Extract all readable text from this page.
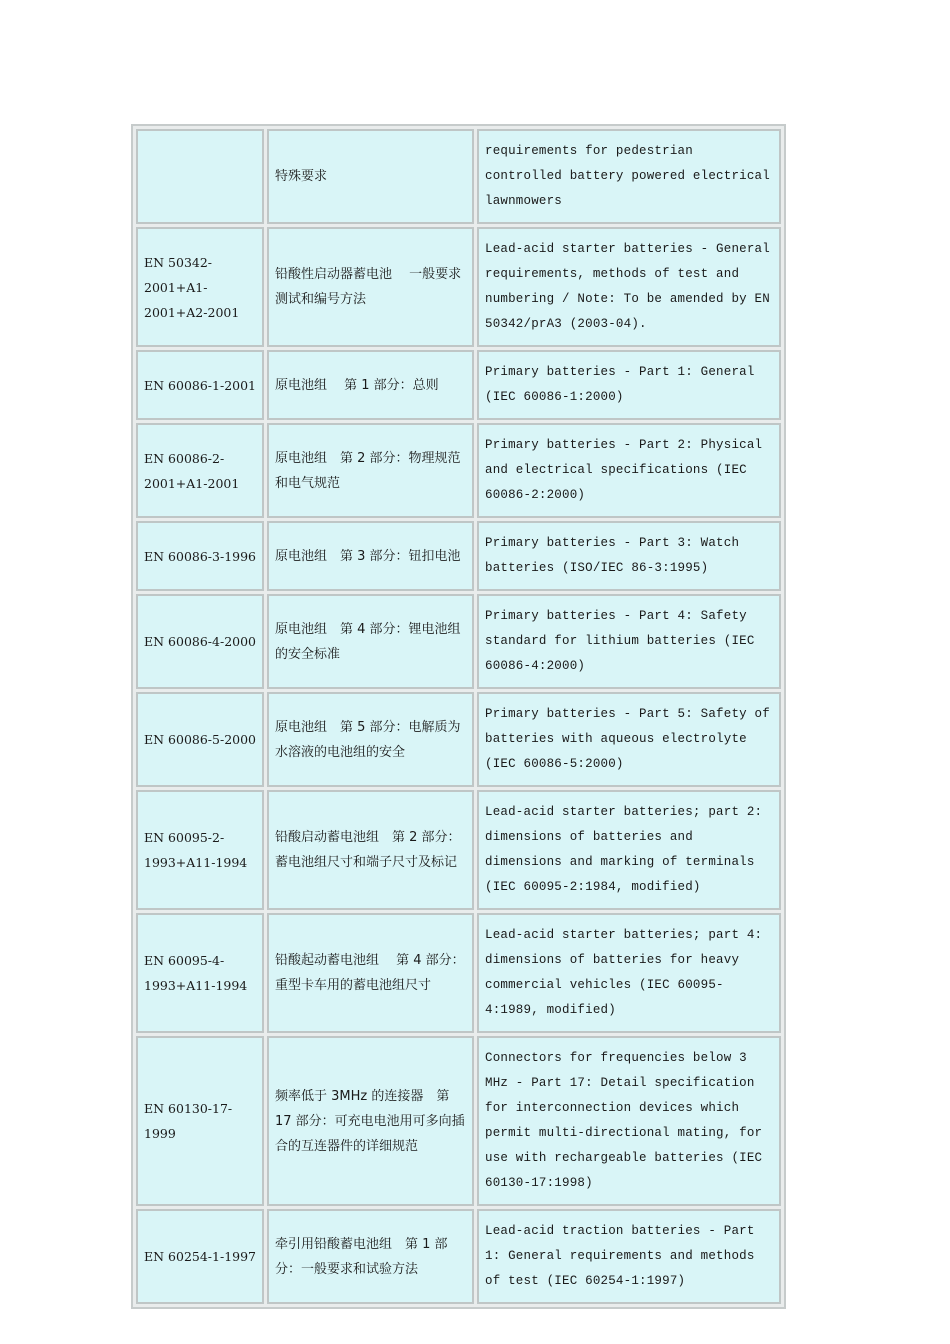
	特殊要求	requirements for pedestrian controlled battery powered electrical lawnmowers

EN 50342-2001+A1-2001+A2-2001	铅酸性启动器蓄电池　 一般要求　测试和编号方法	Lead-acid starter batteries - General requirements, methods of test and numbering / Note: To be amended by EN 50342/prA3 (2003-04).

EN 60086-1-2001	原电池组　 第 1 部分：总则	Primary batteries - Part 1: General (IEC 60086-1:2000)

EN 60086-2-2001+A1-2001	原电池组　第 2 部分：物理规范和电气规范	Primary batteries - Part 2: Physical and electrical specifications (IEC 60086-2:2000)

EN 60086-3-1996	原电池组　第 3 部分：钮扣电池	Primary batteries - Part 3: Watch batteries (ISO/IEC 86-3:1995)

EN 60086-4-2000	原电池组　第 4 部分：锂电池组的安全标准	Primary batteries - Part 4: Safety standard for lithium batteries (IEC 60086-4:2000)

EN 60086-5-2000	原电池组　第 5 部分：电解质为水溶液的电池组的安全	Primary batteries - Part 5: Safety of batteries with aqueous electrolyte (IEC 60086-5:2000)

EN 60095-2-1993+A11-1994	铅酸启动蓄电池组　第 2 部分：蓄电池组尺寸和端子尺寸及标记	Lead-acid starter batteries; part 2: dimensions of batteries and dimensions and marking of terminals (IEC 60095-2:1984, modified)

EN 60095-4-1993+A11-1994	铅酸起动蓄电池组　 第 4 部分：重型卡车用的蓄电池组尺寸	Lead-acid starter batteries; part 4: dimensions of batteries for heavy commercial vehicles (IEC 60095-4:1989, modified)

EN 60130-17-1999	频率低于 3MHz 的连接器　第 17 部分：可充电电池用可多向插合的互连器件的详细规范	Connectors for frequencies below 3 MHz - Part 17: Detail specification for interconnection devices which permit multi-directional mating, for use with rechargeable batteries (IEC 60130-17:1998)

EN 60254-1-1997	牵引用铅酸蓄电池组　第 1 部分：一般要求和试验方法	Lead-acid traction batteries - Part 1: General requirements and methods of test (IEC 60254-1:1997)
